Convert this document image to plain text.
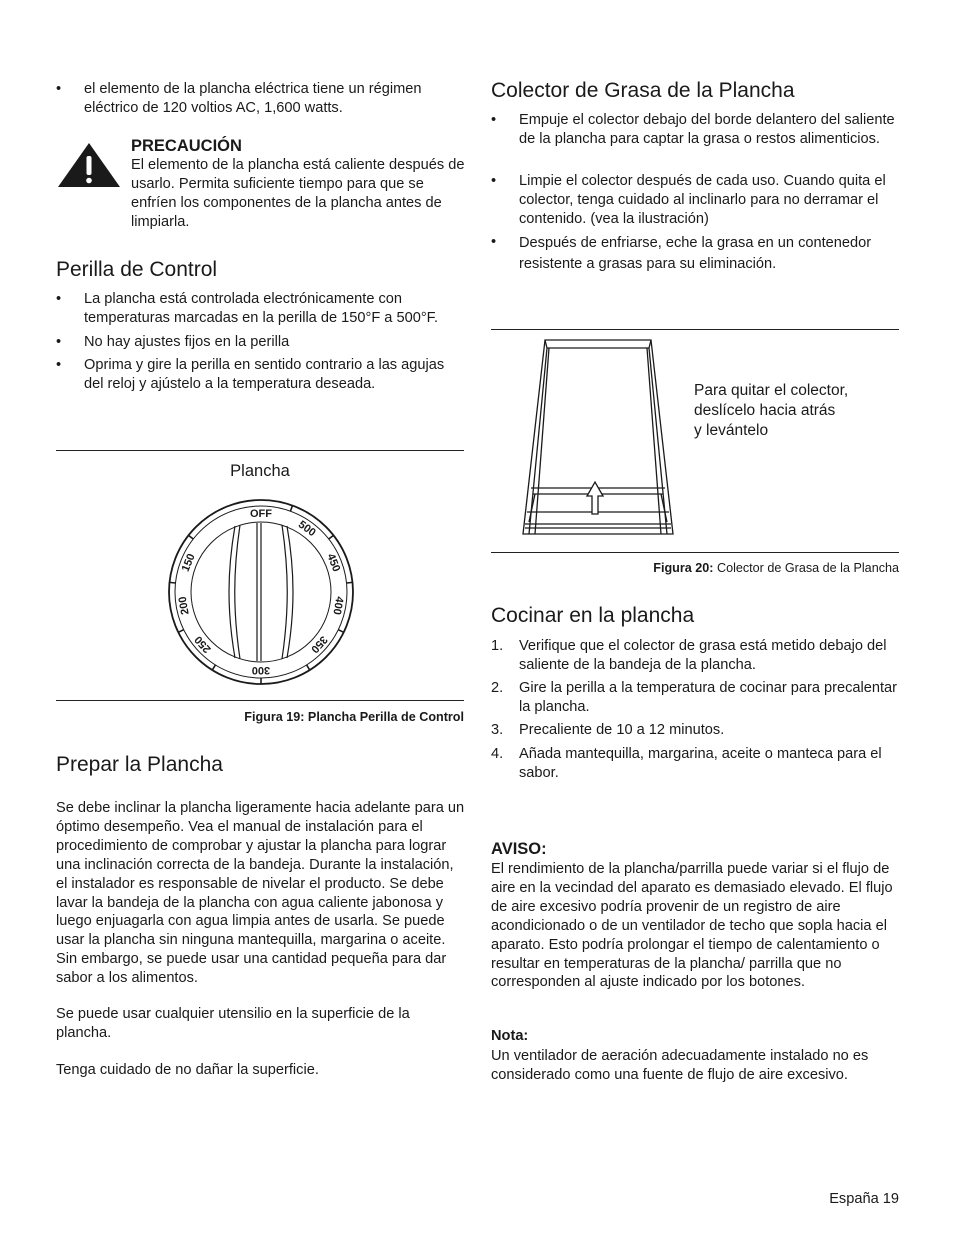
• el elemento de la plancha eléctrica tiene un régimen eléctrico de 120 voltios AC, 1,600 watts.
PRECAUCIÓN
El elemento de la plancha está caliente después de usarlo. Permita suficiente tiempo para que se enfríen los componentes de la plancha antes de limpiarla.
Perilla de Control
• La plancha está controlada electrónicamente con temperaturas marcadas en la perilla de 150°F a 500°F.
• No hay ajustes fijos en la perilla
• Oprima y gire la perilla en sentido contrario a las agujas del reloj y ajústelo a la temperatura deseada.
Plancha
OFF
500
450
400
350
300
250
200
150
Figura 19: Plancha Perilla de Control
Prepar la Plancha
Se debe inclinar la plancha ligeramente hacia adelante para un óptimo desempeño. Vea el manual de instalación para el procedimiento de comprobar y ajustar la plancha para lograr una inclinación correcta de la bandeja. Durante la instalación, el instalador es responsable de nivelar el producto. Se debe lavar la bandeja de la plancha con agua caliente jabonosa y luego enjuagarla con agua limpia antes de usarla. Se puede usar la plancha sin ninguna mantequilla, margarina o aceite. Sin embargo, se puede usar una cantidad pequeña para dar sabor a los alimentos.
Se puede usar cualquier utensilio en la superficie de la plancha.
Tenga cuidado de no dañar la superficie.
Colector de Grasa de la Plancha
• Empuje el colector debajo del borde delantero del saliente de la plancha para captar la grasa o restos alimenticios.
• Limpie el colector después de cada uso. Cuando quita el colector, tenga cuidado al inclinarlo para no derramar el contenido. (vea la ilustración)
• Después de enfriarse, eche la grasa en un contenedor resistente a grasas para su eliminación.
Para quitar el colector,
deslícelo hacia atrás
y levántelo
Figura 20: Colector de Grasa de la Plancha
Cocinar en la plancha
1. Verifique que el colector de grasa está metido debajo del saliente de la bandeja de la plancha.
2. Gire la perilla a la temperatura de cocinar para precalentar la plancha.
3. Precaliente de 10 a 12 minutos.
4. Añada mantequilla, margarina, aceite o manteca para el sabor.
AVISO:
El rendimiento de la plancha/parrilla puede variar si el flujo de aire en la vecindad del aparato es demasiado elevado. El flujo de aire excesivo podría provenir de un registro de aire acondicionado o de un ventilador de techo que sopla hacia el aparato. Esto podría prolongar el tiempo de calentamiento o resultar en temperaturas de la plancha/ parrilla que no corresponden al ajuste indicado por los botones.
Nota:
Un ventilador de aeración adecuadamente instalado no es considerado como una fuente de flujo de aire excesivo.
España 19
